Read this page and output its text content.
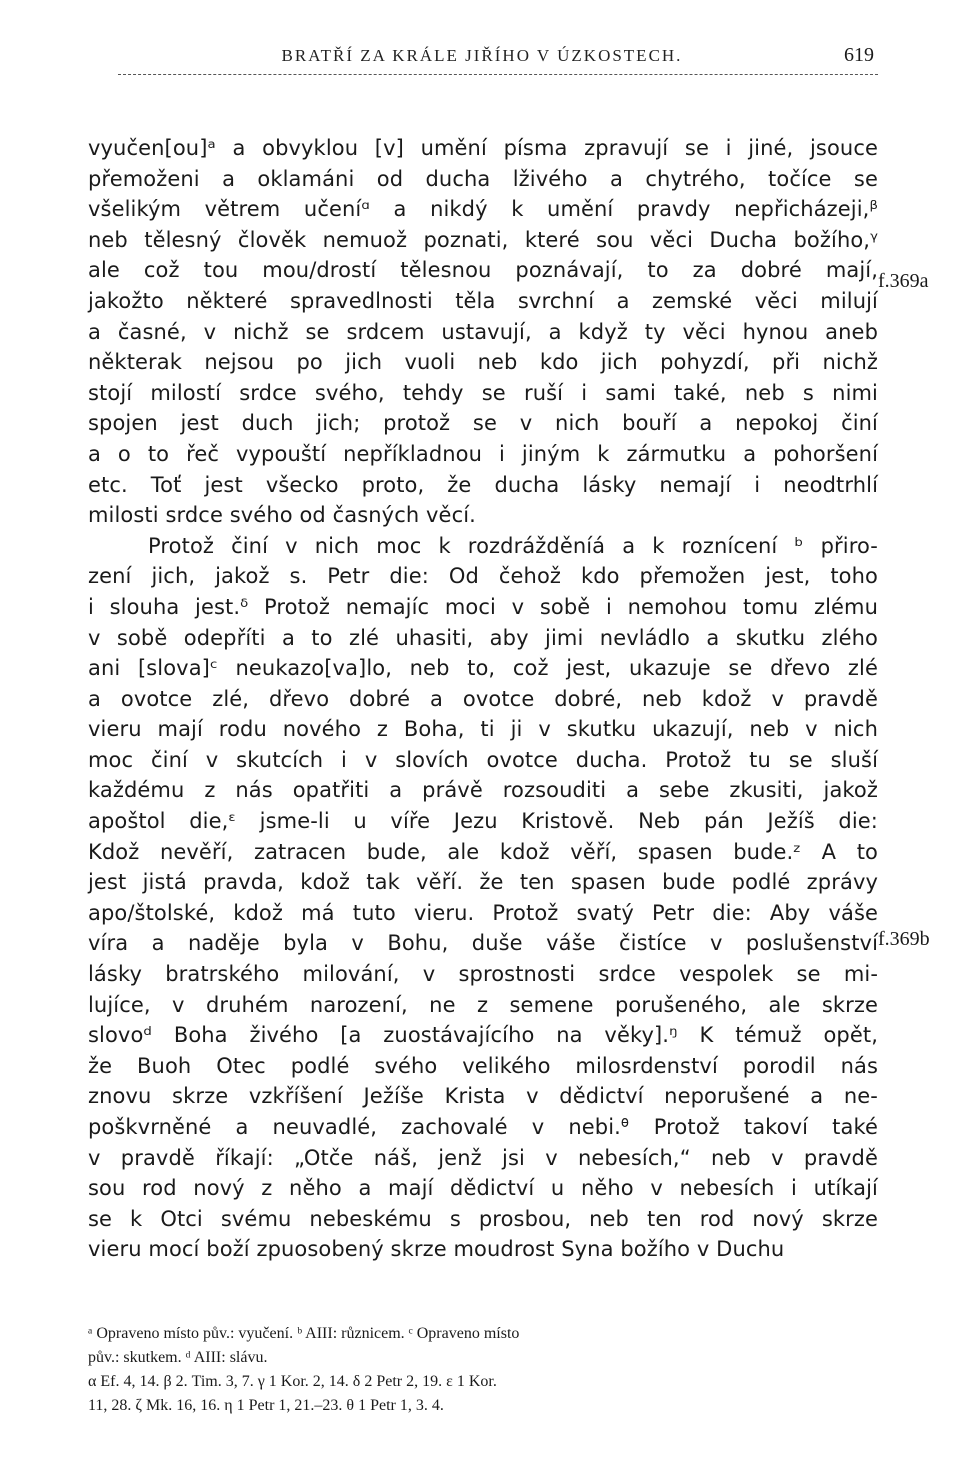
BRATŘÍ ZA KRÁLE JIŘÍHO V ÚZKOSTECH.	619
vyučen[ou]ᵃ a obvyklou [v] umění písma zpravují se i jiné, jsouce
přemoženi a oklamáni od ducha lživého a chytrého, točíce se
všelikým větrem učeníᵅ a nikdý k umění pravdy nepřicházeji,ᵝ
neb tělesný člověk nemuož poznati, které sou věci Ducha božího,ᵞ
ale což tou mou/drostí tělesnou poznávají, to za dobré mají,
jakožto některé spravedlnosti těla svrchní a zemské věci milují
a časné, v nichž se srdcem ustavují, a když ty věci hynou aneb
některak nejsou po jich vuoli neb kdo jich pohyzdí, při nichž
stojí milostí srdce svého, tehdy se ruší i sami také, neb s nimi
spojen jest duch jich; protož se v nich bouří a nepokoj činí
a o to řeč vypouští nepříkladnou i jiným k zármutku a pohoršení
etc. Toť jest všecko proto, že ducha lásky nemají i neodtrhlí
milosti srdce svého od časných věcí.
Protož činí v nich moc k rozdrážděníá a k roznícení ᵇ přiro-
zení jich, jakož s. Petr die: Od čehož kdo přemožen jest, toho
i slouha jest.ᵟ Protož nemajíc moci v sobě i nemohou tomu zlému
v sobě odepříti a to zlé uhasiti, aby jimi nevládlo a skutku zlého
ani [slova]ᶜ neukazo[va]lo, neb to, což jest, ukazuje se dřevo zlé
a ovotce zlé, dřevo dobré a ovotce dobré, neb kdož v pravdě
vieru mají rodu nového z Boha, ti ji v skutku ukazují, neb v nich
moc činí v skutcích i v slovích ovotce ducha. Protož tu se sluší
každému z nás opatřiti a právě rozsouditi a sebe zkusiti, jakož
apoštol die,ᵋ jsme-li u víře Jezu Kristově. Neb pán Ježíš die:
Kdož nevěří, zatracen bude, ale kdož věří, spasen bude.ᶻ A to
jest jistá pravda, kdož tak věří. že ten spasen bude podlé zprávy
apo/štolské, kdož má tuto vieru. Protož svatý Petr die: Aby váše
víra a naděje byla v Bohu, duše váše čistíce v poslušenství
lásky bratrského milování, v sprostnosti srdce vespolek se mi-
lujíce, v druhém narození, ne z semene porušeného, ale skrze
slovoᵈ Boha živého [a zuostávajícího na věky].ᵑ K témuž opět,
že Buoh Otec podlé svého velikého milosrdenství porodil nás
znovu skrze vzkříšení Ježíše Krista v dědictví neporušené a ne-
poškvrněné a neuvadlé, zachovalé v nebi.ᶿ Protož takoví také
v pravdě říkají: „Otče náš, jenž jsi v nebesích,“ neb v pravdě
sou rod nový z něho a mají dědictví u něho v nebesích i utíkají
se k Otci svému nebeskému s prosbou, neb ten rod nový skrze
vieru mocí boží zpuosobený skrze moudrost Syna božího v Duchu
f.369a
f.369b
ᵃ Opraveno místo pův.: vyučení. ᵇ AIII: různicem. ᶜ Opraveno místo
pův.: skutkem. ᵈ AIII: slávu.
α Ef. 4, 14. β 2. Tim. 3, 7. γ 1 Kor. 2, 14. δ 2 Petr 2, 19. ε 1 Kor.
11, 28. ζ Mk. 16, 16. η 1 Petr 1, 21.–23. θ 1 Petr 1, 3. 4.
